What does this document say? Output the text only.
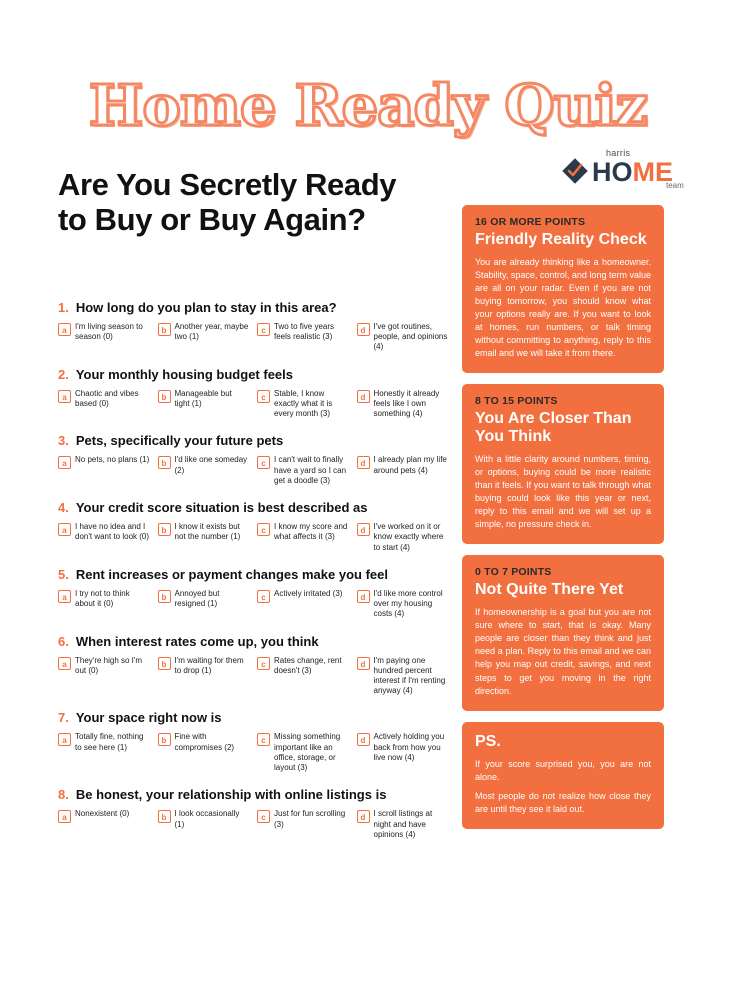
Home Ready Quiz
harris
HOME
team
Are You Secretly Ready to Buy or Buy Again?
1. How long do you plan to stay in this area?
a	I'm living season to season (0)
b	Another year, maybe two (1)
c	Two to five years feels realistic (3)
d	I've got routines, people, and opinions (4)
2. Your monthly housing budget feels
a	Chaotic and vibes based (0)
b	Manageable but tight (1)
c	Stable, I know exactly what it is every month (3)
d	Honestly it already feels like I own something (4)
3. Pets, specifically your future pets
a	No pets, no plans (1)	b	I'd like one someday (2)
c	I can't wait to finally have a yard so I can get a doodle (3)
d	I already plan my life around pets (4)
4. Your credit score situation is best described as
a	I have no idea and I don't want to look (0)
b	I know it exists but not the number (1)
c	I know my score and what affects it (3)
d	I've worked on it or know exactly where to start (4)
5. Rent increases or payment changes make you feel
a	I try not to think about it (0)
b	Annoyed but resigned (1)
c	Actively irritated (3)	d	I'd like more control over my housing costs (4)
6. When interest rates come up, you think
a	They're high so I'm out (0)
b	I'm waiting for them to drop (1)
c	Rates change, rent doesn't (3)
d	I'm paying one hundred percent interest if I'm renting anyway (4)
7. Your space right now is
a	Totally fine, nothing to see here (1)
b	Fine with compromises (2)
c	Missing something important like an office, storage, or layout (3)
d	Actively holding you back from how you live now (4)
8. Be honest, your relationship with online listings is
a	Nonexistent (0)	b	I look occasionally (1)
c	Just for fun scrolling (3)
d	I scroll listings at night and have opinions (4)
16 OR MORE POINTS
Friendly Reality Check

You are already thinking like a homeowner. Stability, space, control, and long term value are all on your radar. Even if you are not buying tomorrow, you should know what your options really are. If you want to look at homes, run numbers, or talk timing without committing to anything, reply to this email and we will take it from there.

8 TO 15 POINTS
You Are Closer Than You Think

With a little clarity around numbers, timing, or options, buying could be more realistic than it feels. If you want to talk through what buying could look like this year or next, reply to this email and we will set up a simple, no pressure check in.

0 TO 7 POINTS
Not Quite There Yet

If homeownership is a goal but you are not sure where to start, that is okay. Many people are closer than they think and just need a plan. Reply to this email and we can help you map out credit, savings, and next steps to get you moving in the right direction.

PS.

If your score surprised you, you are not alone.

Most people do not realize how close they are until they see it laid out.
